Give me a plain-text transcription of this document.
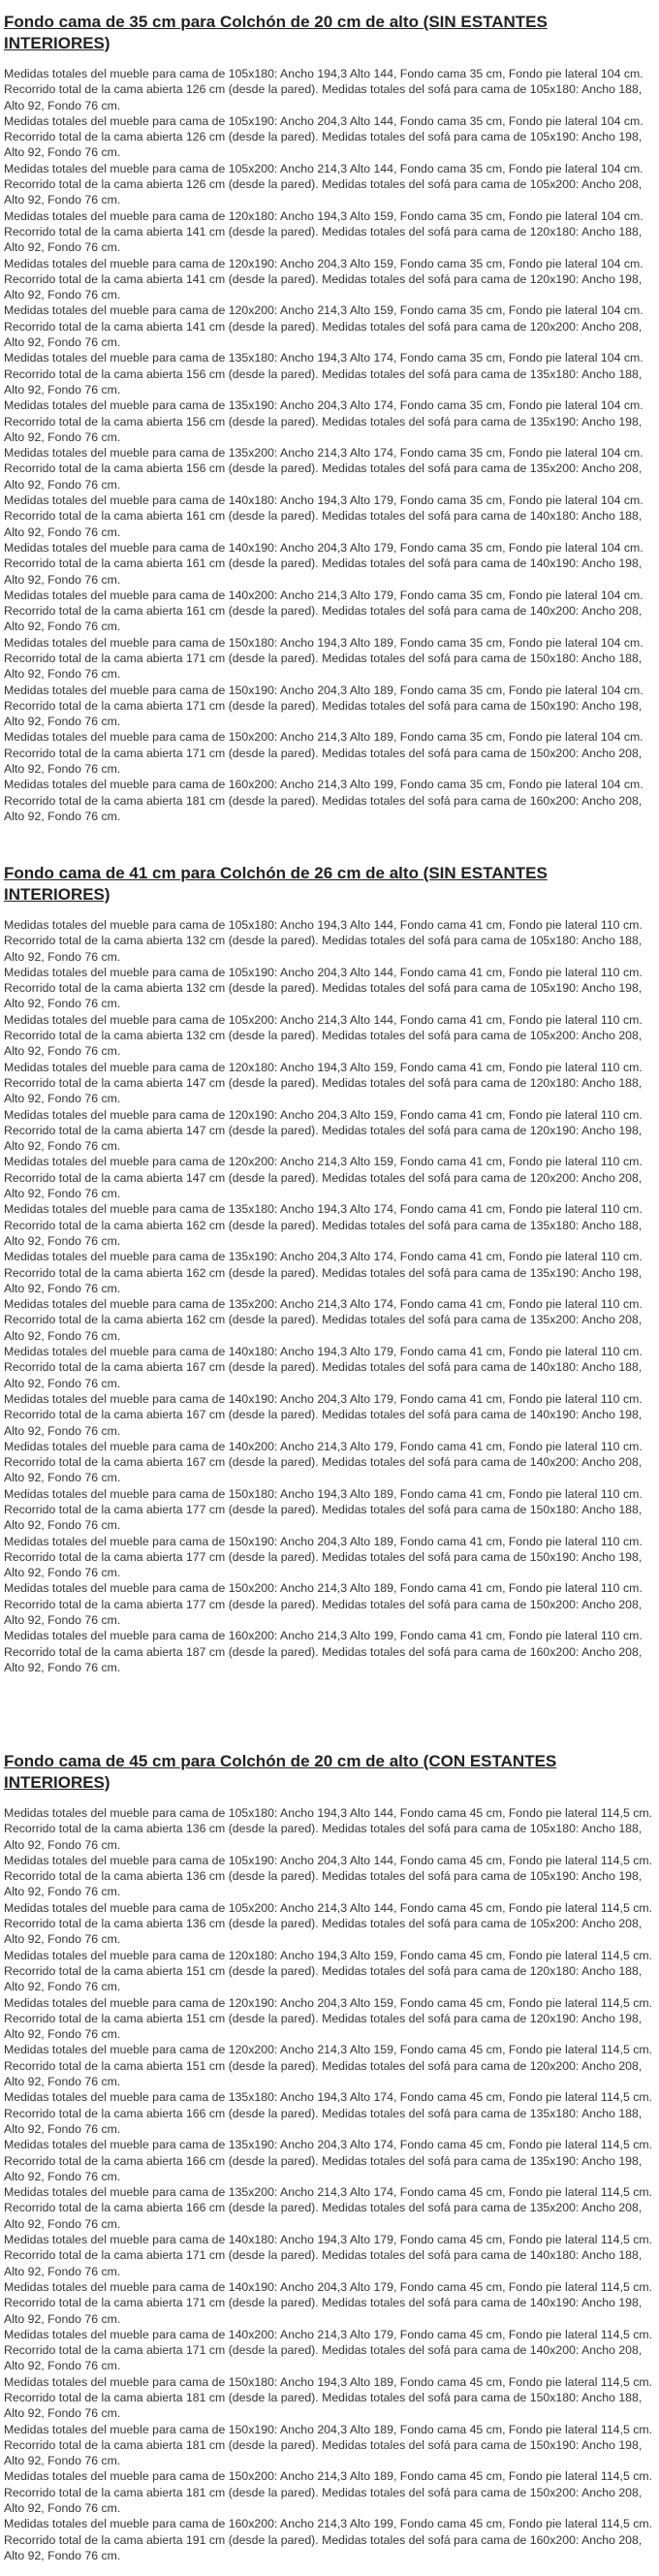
Fondo cama de 35 cm para Colchón de 20 cm de alto (SIN ESTANTES INTERIORES)

Medidas totales del mueble para cama de 105x180: Ancho 194,3 Alto 144, Fondo cama 35 cm, Fondo pie lateral 104 cm. Recorrido total de la cama abierta 126 cm (desde la pared). Medidas totales del sofá para cama de 105x180: Ancho 188, Alto 92, Fondo 76 cm.

Medidas totales del mueble para cama de 105x190: Ancho 204,3 Alto 144, Fondo cama 35 cm, Fondo pie lateral 104 cm. Recorrido total de la cama abierta 126 cm (desde la pared). Medidas totales del sofá para cama de 105x190: Ancho 198, Alto 92, Fondo 76 cm.

Medidas totales del mueble para cama de 105x200: Ancho 214,3 Alto 144, Fondo cama 35 cm, Fondo pie lateral 104 cm. Recorrido total de la cama abierta 126 cm (desde la pared). Medidas totales del sofá para cama de 105x200: Ancho 208, Alto 92, Fondo 76 cm.

Medidas totales del mueble para cama de 120x180: Ancho 194,3 Alto 159, Fondo cama 35 cm, Fondo pie lateral 104 cm. Recorrido total de la cama abierta 141 cm (desde la pared). Medidas totales del sofá para cama de 120x180: Ancho 188, Alto 92, Fondo 76 cm.

Medidas totales del mueble para cama de 120x190: Ancho 204,3 Alto 159, Fondo cama 35 cm, Fondo pie lateral 104 cm. Recorrido total de la cama abierta 141 cm (desde la pared). Medidas totales del sofá para cama de 120x190: Ancho 198, Alto 92, Fondo 76 cm.

Medidas totales del mueble para cama de 120x200: Ancho 214,3 Alto 159, Fondo cama 35 cm, Fondo pie lateral 104 cm. Recorrido total de la cama abierta 141 cm (desde la pared). Medidas totales del sofá para cama de 120x200: Ancho 208, Alto 92, Fondo 76 cm.

Medidas totales del mueble para cama de 135x180: Ancho 194,3 Alto 174, Fondo cama 35 cm, Fondo pie lateral 104 cm. Recorrido total de la cama abierta 156 cm (desde la pared). Medidas totales del sofá para cama de 135x180: Ancho 188, Alto 92, Fondo 76 cm.

Medidas totales del mueble para cama de 135x190: Ancho 204,3 Alto 174, Fondo cama 35 cm, Fondo pie lateral 104 cm. Recorrido total de la cama abierta 156 cm (desde la pared). Medidas totales del sofá para cama de 135x190: Ancho 198, Alto 92, Fondo 76 cm.

Medidas totales del mueble para cama de 135x200: Ancho 214,3 Alto 174, Fondo cama 35 cm, Fondo pie lateral 104 cm. Recorrido total de la cama abierta 156 cm (desde la pared). Medidas totales del sofá para cama de 135x200: Ancho 208, Alto 92, Fondo 76 cm.

Medidas totales del mueble para cama de 140x180: Ancho 194,3 Alto 179, Fondo cama 35 cm, Fondo pie lateral 104 cm. Recorrido total de la cama abierta 161 cm (desde la pared). Medidas totales del sofá para cama de 140x180: Ancho 188, Alto 92, Fondo 76 cm.

Medidas totales del mueble para cama de 140x190: Ancho 204,3 Alto 179, Fondo cama 35 cm, Fondo pie lateral 104 cm. Recorrido total de la cama abierta 161 cm (desde la pared). Medidas totales del sofá para cama de 140x190: Ancho 198, Alto 92, Fondo 76 cm.

Medidas totales del mueble para cama de 140x200: Ancho 214,3 Alto 179, Fondo cama 35 cm, Fondo pie lateral 104 cm. Recorrido total de la cama abierta 161 cm (desde la pared). Medidas totales del sofá para cama de 140x200: Ancho 208, Alto 92, Fondo 76 cm.

Medidas totales del mueble para cama de 150x180: Ancho 194,3 Alto 189, Fondo cama 35 cm, Fondo pie lateral 104 cm. Recorrido total de la cama abierta 171 cm (desde la pared). Medidas totales del sofá para cama de 150x180: Ancho 188, Alto 92, Fondo 76 cm.

Medidas totales del mueble para cama de 150x190: Ancho 204,3 Alto 189, Fondo cama 35 cm, Fondo pie lateral 104 cm. Recorrido total de la cama abierta 171 cm (desde la pared). Medidas totales del sofá para cama de 150x190: Ancho 198, Alto 92, Fondo 76 cm.

Medidas totales del mueble para cama de 150x200: Ancho 214,3 Alto 189, Fondo cama 35 cm, Fondo pie lateral 104 cm. Recorrido total de la cama abierta 171 cm (desde la pared). Medidas totales del sofá para cama de 150x200: Ancho 208, Alto 92, Fondo 76 cm.

Medidas totales del mueble para cama de 160x200: Ancho 214,3 Alto 199, Fondo cama 35 cm, Fondo pie lateral 104 cm. Recorrido total de la cama abierta 181 cm (desde la pared). Medidas totales del sofá para cama de 160x200: Ancho 208, Alto 92, Fondo 76 cm.

Fondo cama de 41 cm para Colchón de 26 cm de alto (SIN ESTANTES INTERIORES)

Medidas totales del mueble para cama de 105x180: Ancho 194,3 Alto 144, Fondo cama 41 cm, Fondo pie lateral 110 cm. Recorrido total de la cama abierta 132 cm (desde la pared). Medidas totales del sofá para cama de 105x180: Ancho 188, Alto 92, Fondo 76 cm.

Medidas totales del mueble para cama de 105x190: Ancho 204,3 Alto 144, Fondo cama 41 cm, Fondo pie lateral 110 cm. Recorrido total de la cama abierta 132 cm (desde la pared). Medidas totales del sofá para cama de 105x190: Ancho 198, Alto 92, Fondo 76 cm.

Medidas totales del mueble para cama de 105x200: Ancho 214,3 Alto 144, Fondo cama 41 cm, Fondo pie lateral 110 cm. Recorrido total de la cama abierta 132 cm (desde la pared). Medidas totales del sofá para cama de 105x200: Ancho 208, Alto 92, Fondo 76 cm.

Medidas totales del mueble para cama de 120x180: Ancho 194,3 Alto 159, Fondo cama 41 cm, Fondo pie lateral 110 cm. Recorrido total de la cama abierta 147 cm (desde la pared). Medidas totales del sofá para cama de 120x180: Ancho 188, Alto 92, Fondo 76 cm.

Medidas totales del mueble para cama de 120x190: Ancho 204,3 Alto 159, Fondo cama 41 cm, Fondo pie lateral 110 cm. Recorrido total de la cama abierta 147 cm (desde la pared). Medidas totales del sofá para cama de 120x190: Ancho 198, Alto 92, Fondo 76 cm.

Medidas totales del mueble para cama de 120x200: Ancho 214,3 Alto 159, Fondo cama 41 cm, Fondo pie lateral 110 cm. Recorrido total de la cama abierta 147 cm (desde la pared). Medidas totales del sofá para cama de 120x200: Ancho 208, Alto 92, Fondo 76 cm.

Medidas totales del mueble para cama de 135x180: Ancho 194,3 Alto 174, Fondo cama 41 cm, Fondo pie lateral 110 cm. Recorrido total de la cama abierta 162 cm (desde la pared). Medidas totales del sofá para cama de 135x180: Ancho 188, Alto 92, Fondo 76 cm.

Medidas totales del mueble para cama de 135x190: Ancho 204,3 Alto 174, Fondo cama 41 cm, Fondo pie lateral 110 cm. Recorrido total de la cama abierta 162 cm (desde la pared). Medidas totales del sofá para cama de 135x190: Ancho 198, Alto 92, Fondo 76 cm.

Medidas totales del mueble para cama de 135x200: Ancho 214,3 Alto 174, Fondo cama 41 cm, Fondo pie lateral 110 cm. Recorrido total de la cama abierta 162 cm (desde la pared). Medidas totales del sofá para cama de 135x200: Ancho 208, Alto 92, Fondo 76 cm.

Medidas totales del mueble para cama de 140x180: Ancho 194,3 Alto 179, Fondo cama 41 cm, Fondo pie lateral 110 cm. Recorrido total de la cama abierta 167 cm (desde la pared). Medidas totales del sofá para cama de 140x180: Ancho 188, Alto 92, Fondo 76 cm.

Medidas totales del mueble para cama de 140x190: Ancho 204,3 Alto 179, Fondo cama 41 cm, Fondo pie lateral 110 cm. Recorrido total de la cama abierta 167 cm (desde la pared). Medidas totales del sofá para cama de 140x190: Ancho 198, Alto 92, Fondo 76 cm.

Medidas totales del mueble para cama de 140x200: Ancho 214,3 Alto 179, Fondo cama 41 cm, Fondo pie lateral 110 cm. Recorrido total de la cama abierta 167 cm (desde la pared). Medidas totales del sofá para cama de 140x200: Ancho 208, Alto 92, Fondo 76 cm.

Medidas totales del mueble para cama de 150x180: Ancho 194,3 Alto 189, Fondo cama 41 cm, Fondo pie lateral 110 cm. Recorrido total de la cama abierta 177 cm (desde la pared). Medidas totales del sofá para cama de 150x180: Ancho 188, Alto 92, Fondo 76 cm.

Medidas totales del mueble para cama de 150x190: Ancho 204,3 Alto 189, Fondo cama 41 cm, Fondo pie lateral 110 cm. Recorrido total de la cama abierta 177 cm (desde la pared). Medidas totales del sofá para cama de 150x190: Ancho 198, Alto 92, Fondo 76 cm.

Medidas totales del mueble para cama de 150x200: Ancho 214,3 Alto 189, Fondo cama 41 cm, Fondo pie lateral 110 cm. Recorrido total de la cama abierta 177 cm (desde la pared). Medidas totales del sofá para cama de 150x200: Ancho 208, Alto 92, Fondo 76 cm.

Medidas totales del mueble para cama de 160x200: Ancho 214,3 Alto 199, Fondo cama 41 cm, Fondo pie lateral 110 cm. Recorrido total de la cama abierta 187 cm (desde la pared). Medidas totales del sofá para cama de 160x200: Ancho 208, Alto 92, Fondo 76 cm.

Fondo cama de 45 cm para Colchón de 20 cm de alto (CON ESTANTES INTERIORES)

Medidas totales del mueble para cama de 105x180: Ancho 194,3 Alto 144, Fondo cama 45 cm, Fondo pie lateral 114,5 cm. Recorrido total de la cama abierta 136 cm (desde la pared). Medidas totales del sofá para cama de 105x180: Ancho 188, Alto 92, Fondo 76 cm.

Medidas totales del mueble para cama de 105x190: Ancho 204,3 Alto 144, Fondo cama 45 cm, Fondo pie lateral 114,5 cm. Recorrido total de la cama abierta 136 cm (desde la pared). Medidas totales del sofá para cama de 105x190: Ancho 198, Alto 92, Fondo 76 cm.

Medidas totales del mueble para cama de 105x200: Ancho 214,3 Alto 144, Fondo cama 45 cm, Fondo pie lateral 114,5 cm. Recorrido total de la cama abierta 136 cm (desde la pared). Medidas totales del sofá para cama de 105x200: Ancho 208, Alto 92, Fondo 76 cm.

Medidas totales del mueble para cama de 120x180: Ancho 194,3 Alto 159, Fondo cama 45 cm, Fondo pie lateral 114,5 cm. Recorrido total de la cama abierta 151 cm (desde la pared). Medidas totales del sofá para cama de 120x180: Ancho 188, Alto 92, Fondo 76 cm.

Medidas totales del mueble para cama de 120x190: Ancho 204,3 Alto 159, Fondo cama 45 cm, Fondo pie lateral 114,5 cm. Recorrido total de la cama abierta 151 cm (desde la pared). Medidas totales del sofá para cama de 120x190: Ancho 198, Alto 92, Fondo 76 cm.

Medidas totales del mueble para cama de 120x200: Ancho 214,3 Alto 159, Fondo cama 45 cm, Fondo pie lateral 114,5 cm. Recorrido total de la cama abierta 151 cm (desde la pared). Medidas totales del sofá para cama de 120x200: Ancho 208, Alto 92, Fondo 76 cm.

Medidas totales del mueble para cama de 135x180: Ancho 194,3 Alto 174, Fondo cama 45 cm, Fondo pie lateral 114,5 cm. Recorrido total de la cama abierta 166 cm (desde la pared). Medidas totales del sofá para cama de 135x180: Ancho 188, Alto 92, Fondo 76 cm.

Medidas totales del mueble para cama de 135x190: Ancho 204,3 Alto 174, Fondo cama 45 cm, Fondo pie lateral 114,5 cm. Recorrido total de la cama abierta 166 cm (desde la pared). Medidas totales del sofá para cama de 135x190: Ancho 198, Alto 92, Fondo 76 cm.

Medidas totales del mueble para cama de 135x200: Ancho 214,3 Alto 174, Fondo cama 45 cm, Fondo pie lateral 114,5 cm. Recorrido total de la cama abierta 166 cm (desde la pared). Medidas totales del sofá para cama de 135x200: Ancho 208, Alto 92, Fondo 76 cm.

Medidas totales del mueble para cama de 140x180: Ancho 194,3 Alto 179, Fondo cama 45 cm, Fondo pie lateral 114,5 cm. Recorrido total de la cama abierta 171 cm (desde la pared). Medidas totales del sofá para cama de 140x180: Ancho 188, Alto 92, Fondo 76 cm.

Medidas totales del mueble para cama de 140x190: Ancho 204,3 Alto 179, Fondo cama 45 cm, Fondo pie lateral 114,5 cm. Recorrido total de la cama abierta 171 cm (desde la pared). Medidas totales del sofá para cama de 140x190: Ancho 198, Alto 92, Fondo 76 cm.

Medidas totales del mueble para cama de 140x200: Ancho 214,3 Alto 179, Fondo cama 45 cm, Fondo pie lateral 114,5 cm. Recorrido total de la cama abierta 171 cm (desde la pared). Medidas totales del sofá para cama de 140x200: Ancho 208, Alto 92, Fondo 76 cm.

Medidas totales del mueble para cama de 150x180: Ancho 194,3 Alto 189, Fondo cama 45 cm, Fondo pie lateral 114,5 cm. Recorrido total de la cama abierta 181 cm (desde la pared). Medidas totales del sofá para cama de 150x180: Ancho 188, Alto 92, Fondo 76 cm.

Medidas totales del mueble para cama de 150x190: Ancho 204,3 Alto 189, Fondo cama 45 cm, Fondo pie lateral 114,5 cm. Recorrido total de la cama abierta 181 cm (desde la pared). Medidas totales del sofá para cama de 150x190: Ancho 198, Alto 92, Fondo 76 cm.

Medidas totales del mueble para cama de 150x200: Ancho 214,3 Alto 189, Fondo cama 45 cm, Fondo pie lateral 114,5 cm. Recorrido total de la cama abierta 181 cm (desde la pared). Medidas totales del sofá para cama de 150x200: Ancho 208, Alto 92, Fondo 76 cm.

Medidas totales del mueble para cama de 160x200: Ancho 214,3 Alto 199, Fondo cama 45 cm, Fondo pie lateral 114,5 cm. Recorrido total de la cama abierta 191 cm (desde la pared). Medidas totales del sofá para cama de 160x200: Ancho 208, Alto 92, Fondo 76 cm.
